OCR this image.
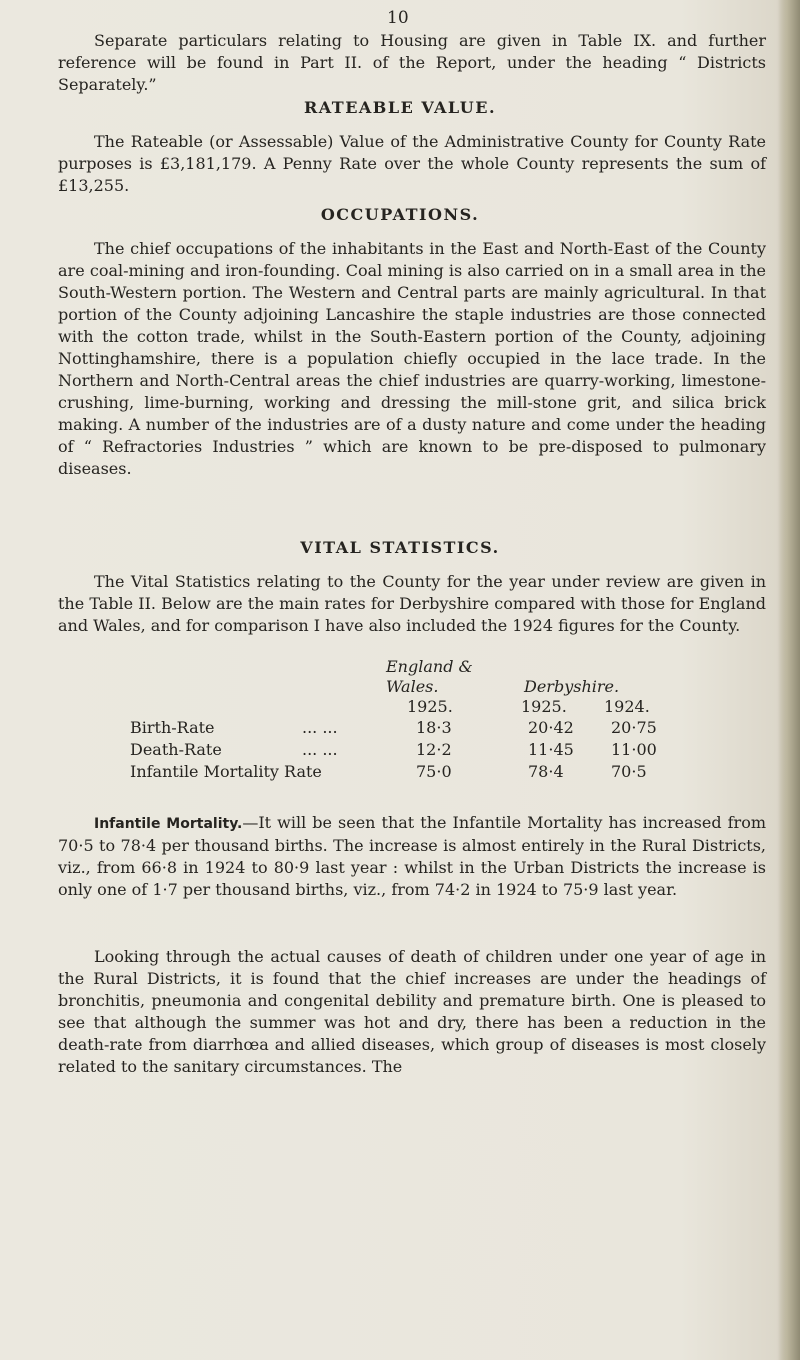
10

Separate particulars relating to Housing are given in Table IX. and further reference will be found in Part II. of the Report, under the heading “ Districts Separately.”

RATEABLE VALUE.

The Rateable (or Assessable) Value of the Administrative County for County Rate purposes is £3,181,179. A Penny Rate over the whole County represents the sum of £13,255.

OCCUPATIONS.

The chief occupations of the inhabitants in the East and North-East of the County are coal-mining and iron-founding. Coal mining is also carried on in a small area in the South-Western portion. The Western and Central parts are mainly agricultural. In that portion of the County adjoining Lancashire the staple industries are those connected with the cotton trade, whilst in the South-Eastern portion of the County, adjoining Nottinghamshire, there is a population chiefly occupied in the lace trade. In the Northern and North-Central areas the chief industries are quarry-working, limestone-crushing, lime-burning, working and dressing the mill-stone grit, and silica brick making. A number of the industries are of a dusty nature and come under the heading of “ Refractories Industries ” which are known to be pre-disposed to pulmonary diseases.

VITAL STATISTICS.

The Vital Statistics relating to the County for the year under review are given in the Table II. Below are the main rates for Derbyshire compared with those for England and Wales, and for comparison I have also included the 1924 figures for the County.

England &
Wales.	Derbyshire.
1925.	1925. 1924.
Birth-Rate	... ...	18·3	20·42 20·75
Death-Rate	... ...	12·2	11·45 11·00
Infantile Mortality Rate	75·0	78·4	70·5

Infantile Mortality.—It will be seen that the Infantile Mortality has increased from 70·5 to 78·4 per thousand births. The increase is almost entirely in the Rural Districts, viz., from 66·8 in 1924 to 80·9 last year : whilst in the Urban Districts the increase is only one of 1·7 per thousand births, viz., from 74·2 in 1924 to 75·9 last year.

Looking through the actual causes of death of children under one year of age in the Rural Districts, it is found that the chief increases are under the headings of bronchitis, pneumonia and congenital debility and premature birth. One is pleased to see that although the summer was hot and dry, there has been a reduction in the death-rate from diarrhœa and allied diseases, which group of diseases is most closely related to the sanitary circumstances. The
